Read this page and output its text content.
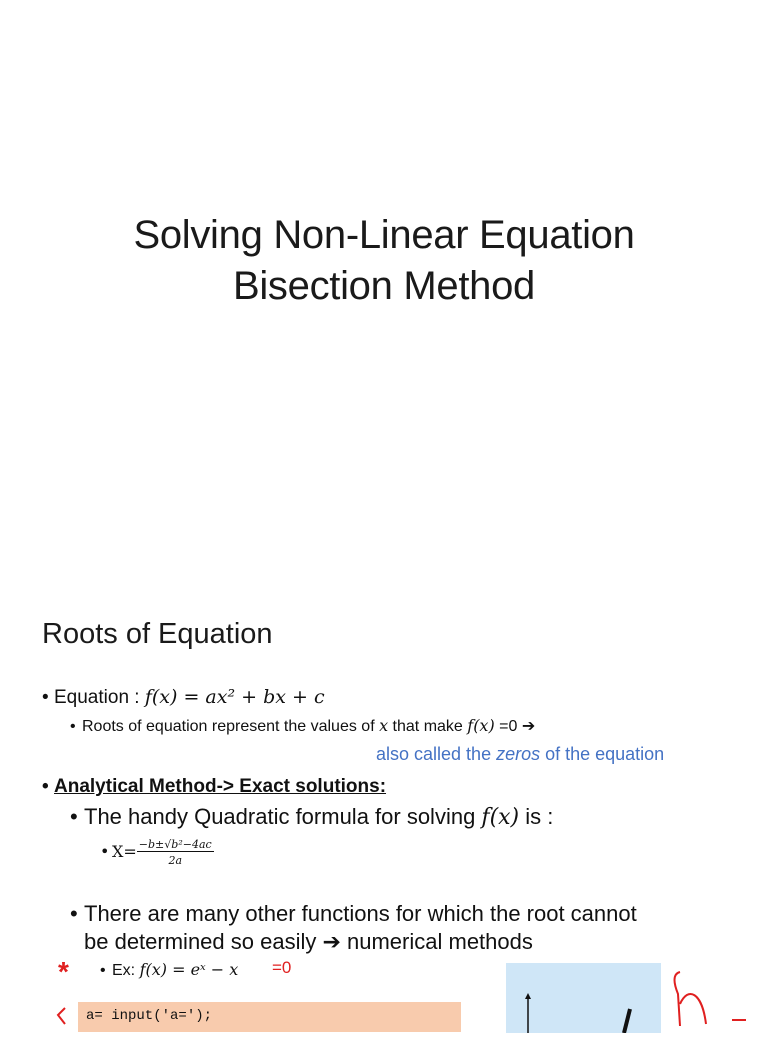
Solving Non-Linear Equation
Bisection Method
Roots of Equation
• Equation : f(x) = ax² + bx + c
• Roots of equation represent the values of x that make f(x) =0 ➔
also called the zeros of the equation
• Analytical Method-> Exact solutions:
• The handy Quadratic formula for solving f(x) is :
• $X= \frac{\text{−b±√b²−4ac}}{2a}$
• There are many other functions for which the root cannot
be determined so easily ➔ numerical methods
* • Ex: f(x) = eˣ − x =0
a= input('a=');
